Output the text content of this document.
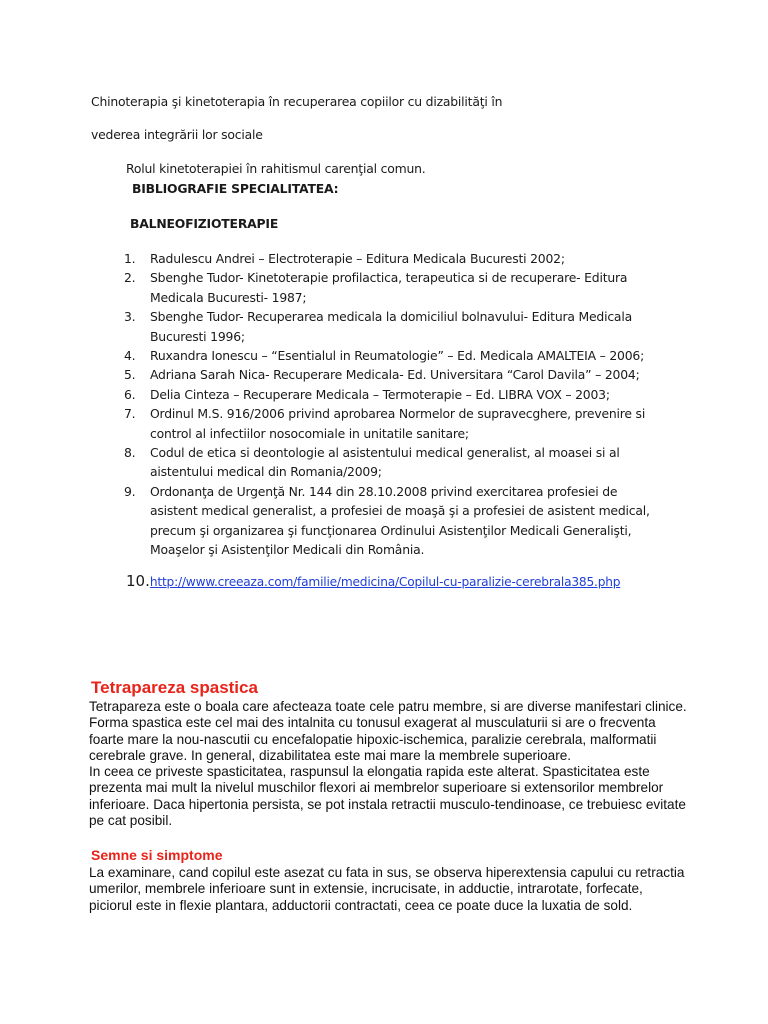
Chinoterapia şi kinetoterapia în recuperarea copiilor cu dizabilităţi în
vederea integrării lor sociale
Rolul kinetoterapiei în rahitismul carenţial comun.
BIBLIOGRAFIE SPECIALITATEA:
BALNEOFIZIOTERAPIE
1. Radulescu Andrei – Electroterapie – Editura Medicala Bucuresti 2002;
2. Sbenghe Tudor- Kinetoterapie profilactica, terapeutica si de recuperare- Editura Medicala Bucuresti- 1987;
3. Sbenghe Tudor- Recuperarea medicala la domiciliul bolnavului- Editura Medicala Bucuresti 1996;
4. Ruxandra Ionescu – “Esentialul in Reumatologie” – Ed. Medicala AMALTEIA – 2006;
5. Adriana Sarah Nica- Recuperare Medicala- Ed. Universitara “Carol Davila” – 2004;
6. Delia Cinteza – Recuperare Medicala – Termoterapie – Ed. LIBRA VOX – 2003;
7. Ordinul M.S. 916/2006 privind aprobarea Normelor de supravecghere, prevenire si control al infectiilor nosocomiale in unitatile sanitare;
8. Codul de etica si deontologie al asistentului medical generalist, al moasei si al aistentului medical din Romania/2009;
9. Ordonanţa de Urgenţă Nr. 144 din 28.10.2008 privind exercitarea profesiei de asistent medical generalist, a profesiei de moaşă şi a profesiei de asistent medical, precum şi organizarea şi funcţionarea Ordinului Asistenţilor Medicali Generalişti, Moaşelor şi Asistenţilor Medicali din România.
10.http://www.creeaza.com/familie/medicina/Copilul-cu-paralizie-cerebrala385.php
Tetrapareza spastica

Tetrapareza este o boala care afecteaza toate cele patru membre, si are diverse manifestari clinice. Forma spastica este cel mai des intalnita cu tonusul exagerat al musculaturii si are o frecventa foarte mare la nou-nascutii cu encefalopatie hipoxic-ischemica, paralizie cerebrala, malformatii cerebrale grave. In general, dizabilitatea este mai mare la membrele superioare.

In ceea ce priveste spasticitatea, raspunsul la elongatia rapida este alterat. Spasticitatea este prezenta mai mult la nivelul muschilor flexori ai membrelor superioare si extensorilor membrelor inferioare. Daca hipertonia persista, se pot instala retractii musculo-tendinoase, ce trebuiesc evitate pe cat posibil.

Semne si simptome

La examinare, cand copilul este asezat cu fata in sus, se observa hiperextensia capului cu retractia umerilor, membrele inferioare sunt in extensie, incrucisate, in adductie, intrarotate, forfecate, piciorul este in flexie plantara, adductorii contractati, ceea ce poate duce la luxatia de sold.
